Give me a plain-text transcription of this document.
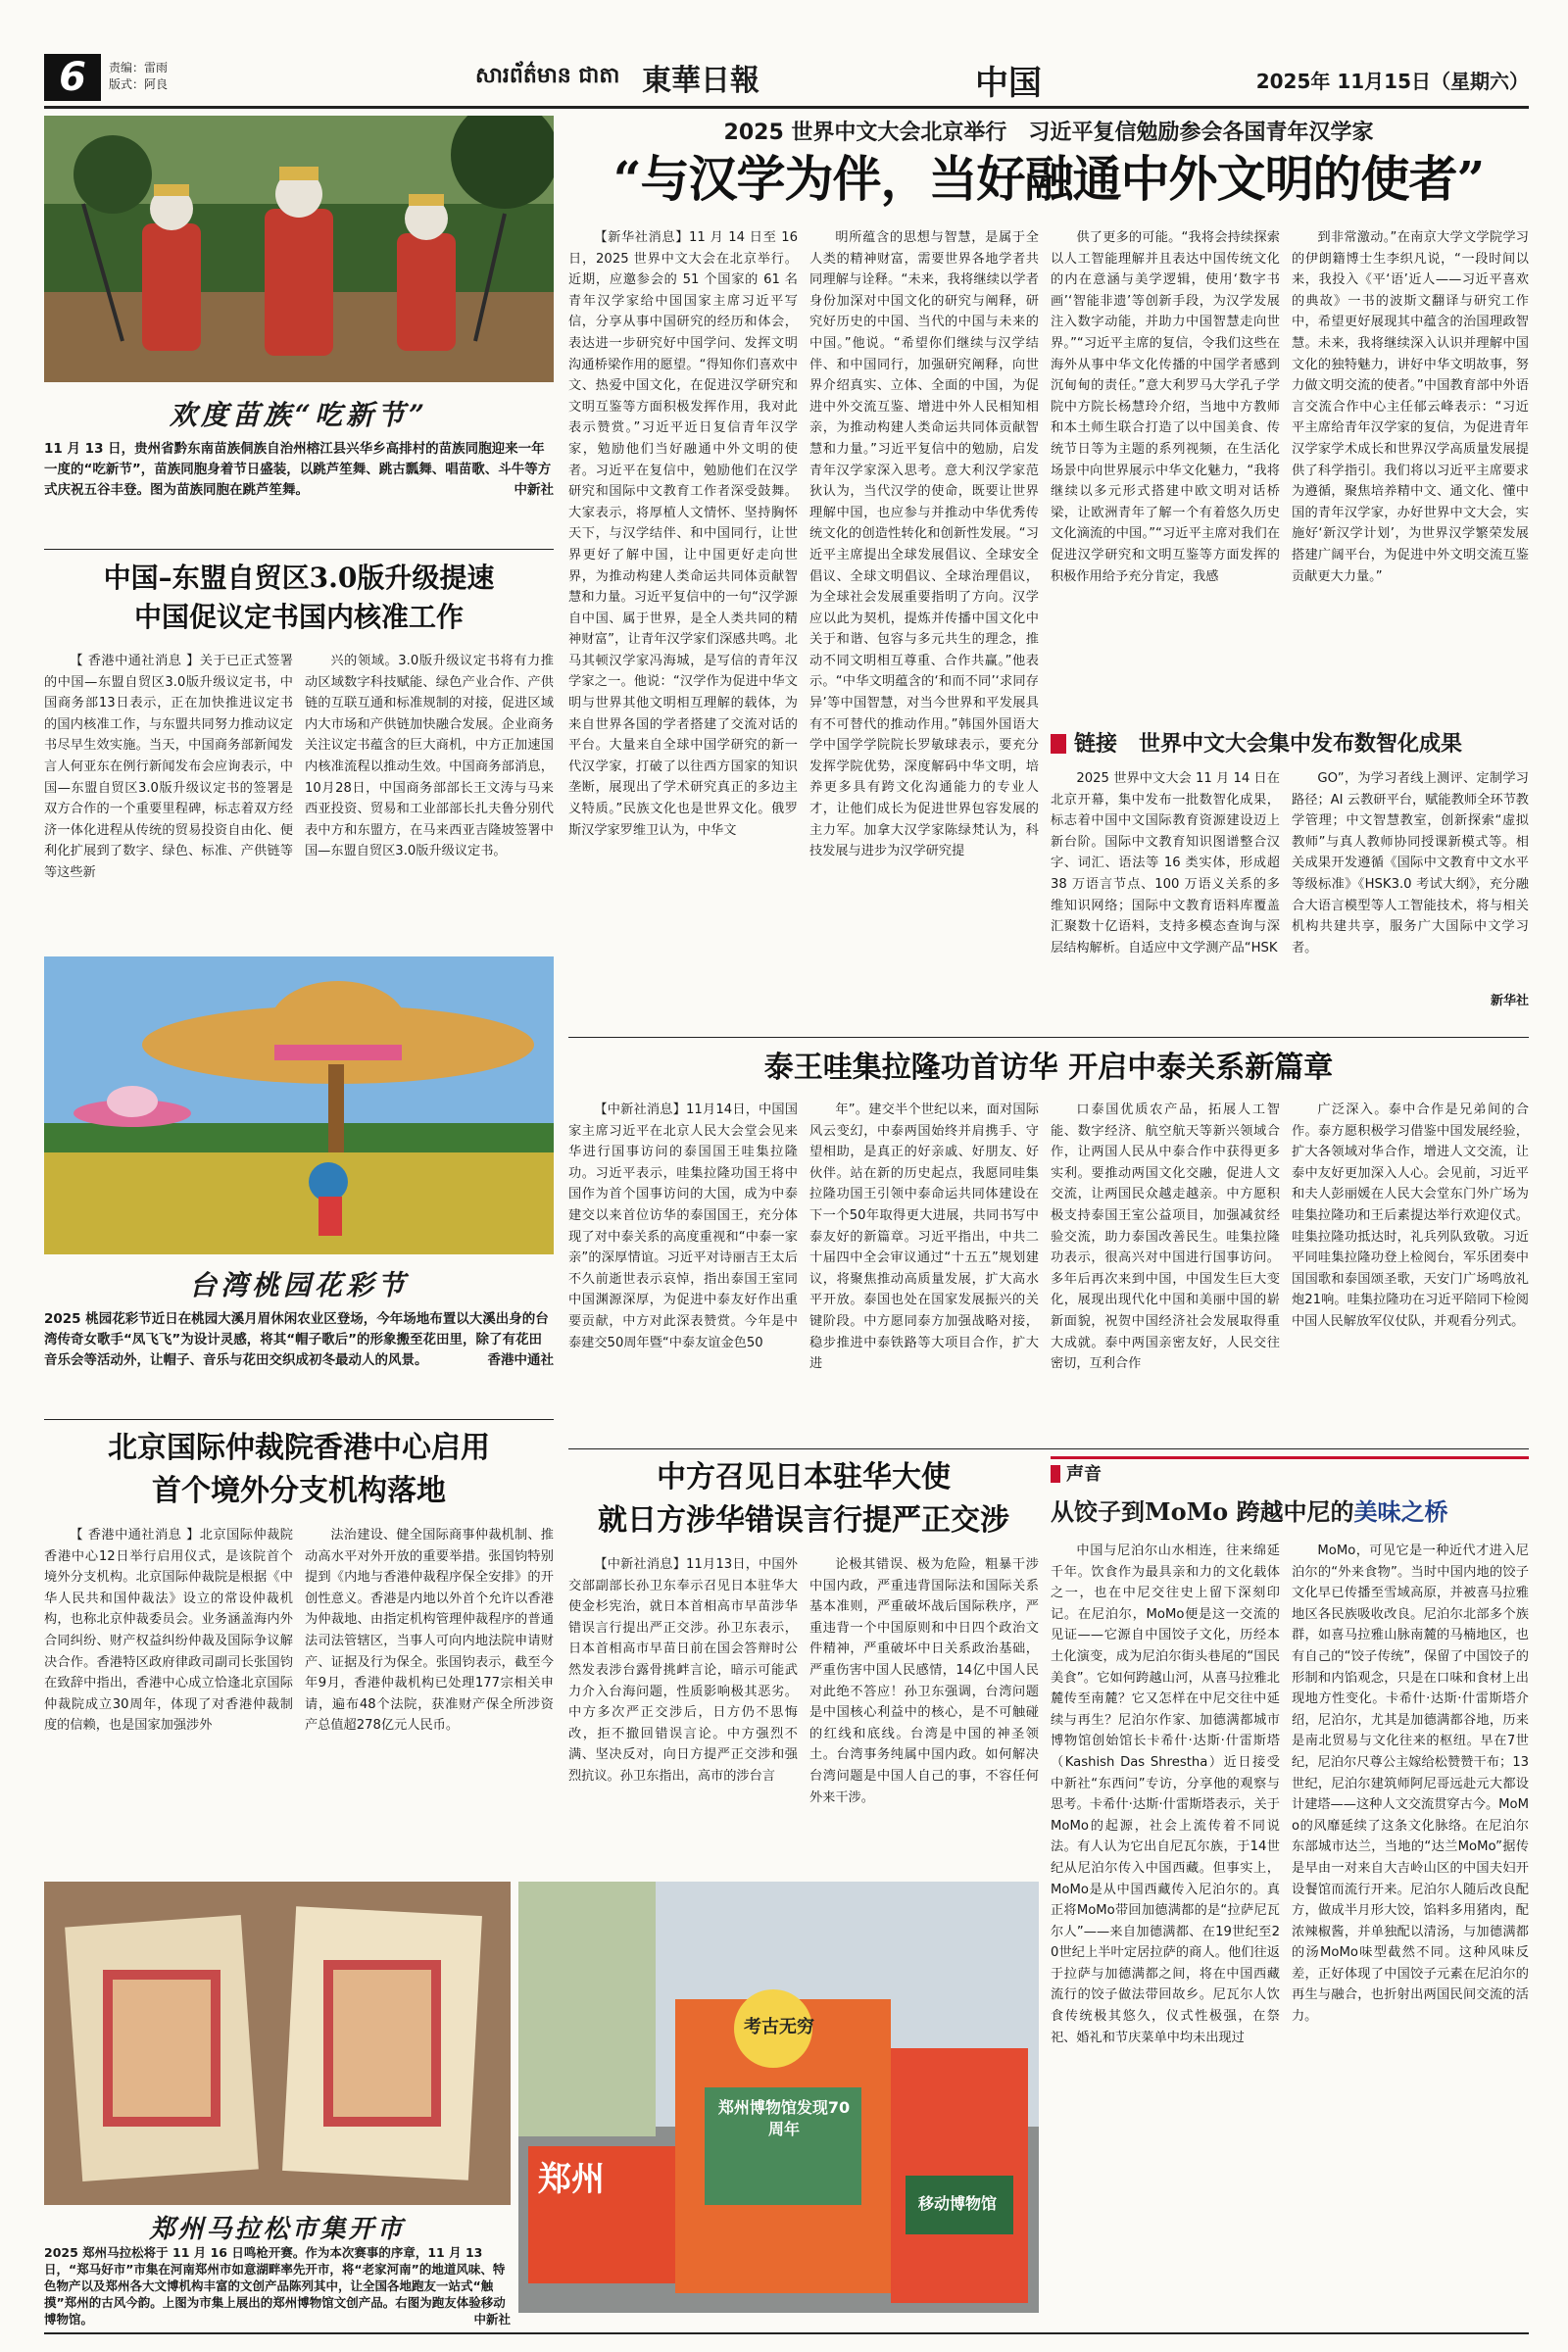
6	责编：雷雨
版式：阿良	សារព័ត៌មាន ជាតា 東華日報	中国	2025年 11月15日（星期六）
欢度苗族“吃新节”
11 月 13 日，贵州省黔东南苗族侗族自治州榕江县兴华乡高排村的苗族同胞迎来一年一度的“吃新节”，苗族同胞身着节日盛装，以跳芦笙舞、跳古瓢舞、唱苗歌、斗牛等方式庆祝五谷丰登。图为苗族同胞在跳芦笙舞。	中新社
中国–东盟自贸区3.0版升级提速
中国促议定书国内核准工作
【 香港中通社消息 】关于已正式签署的中国—东盟自贸区3.0版升级议定书，中国商务部13日表示，正在加快推进议定书的国内核准工作，与东盟共同努力推动议定书尽早生效实施。当天，中国商务部新闻发言人何亚东在例行新闻发布会应询表示，中国—东盟自贸区3.0版升级议定书的签署是双方合作的一个重要里程碑，标志着双方经济一体化进程从传统的贸易投资自由化、便利化扩展到了数字、绿色、标准、产供链等等这些新
兴的领域。3.0版升级议定书将有力推动区域数字科技赋能、绿色产业合作、产供链的互联互通和标准规制的对接，促进区域内大市场和产供链加快融合发展。企业商务关注议定书蕴含的巨大商机，中方正加速国内核准流程以推动生效。中国商务部消息，10月28日，中国商务部部长王文涛与马来西亚投资、贸易和工业部部长扎夫鲁分别代表中方和东盟方，在马来西亚吉隆坡签署中国—东盟自贸区3.0版升级议定书。
台湾桃园花彩节
2025 桃园花彩节近日在桃园大溪月眉休闲农业区登场，今年场地布置以大溪出身的台湾传奇女歌手“凤飞飞”为设计灵感，将其“帽子歌后”的形象搬至花田里，除了有花田音乐会等活动外，让帽子、音乐与花田交织成初冬最动人的风景。	香港中通社
北京国际仲裁院香港中心启用
首个境外分支机构落地
【 香港中通社消息 】北京国际仲裁院香港中心12日举行启用仪式，是该院首个境外分支机构。北京国际仲裁院是根据《中华人民共和国仲裁法》设立的常设仲裁机构，也称北京仲裁委员会。业务涵盖海内外合同纠纷、财产权益纠纷仲裁及国际争议解决合作。香港特区政府律政司副司长张国钧在致辞中指出，香港中心成立恰逢北京国际仲裁院成立30周年，体现了对香港仲裁制度的信赖，也是国家加强涉外
法治建设、健全国际商事仲裁机制、推动高水平对外开放的重要举措。张国钧特别提到《内地与香港仲裁程序保全安排》的开创性意义。香港是内地以外首个允许以香港为仲裁地、由指定机构管理仲裁程序的普通法司法管辖区，当事人可向内地法院申请财产、证据及行为保全。张国钧表示，截至今年9月，香港仲裁机构已处理177宗相关申请，遍布48个法院，获准财产保全所涉资产总值超278亿元人民币。
2025 世界中文大会北京举行　习近平复信勉励参会各国青年汉学家
“与汉学为伴，当好融通中外文明的使者”
【新华社消息】11 月 14 日至 16 日，2025 世界中文大会在北京举行。近期，应邀参会的 51 个国家的 61 名青年汉学家给中国国家主席习近平写信，分享从事中国研究的经历和体会，表达进一步研究好中国学问、发挥文明沟通桥梁作用的愿望。“得知你们喜欢中文、热爱中国文化，在促进汉学研究和文明互鉴等方面积极发挥作用，我对此表示赞赏。”习近平近日复信青年汉学家，勉励他们当好融通中外文明的使者。习近平在复信中，勉励他们在汉学研究和国际中文教育工作者深受鼓舞。大家表示，将厚植人文情怀、坚持胸怀天下，与汉学结伴、和中国同行，让世界更好了解中国，让中国更好走向世界，为推动构建人类命运共同体贡献智慧和力量。习近平复信中的一句“汉学源自中国、属于世界，是全人类共同的精神财富”，让青年汉学家们深感共鸣。北马其顿汉学家冯海城，是写信的青年汉学家之一。他说：“汉学作为促进中华文明与世界其他文明相互理解的载体，为来自世界各国的学者搭建了交流对话的平台。大量来自全球中国学研究的新一代汉学家，打破了以往西方国家的知识垄断，展现出了学术研究真正的多边主义特质。”民族文化也是世界文化。俄罗斯汉学家罗维卫认为，中华文
明所蕴含的思想与智慧，是属于全人类的精神财富，需要世界各地学者共同理解与诠释。“未来，我将继续以学者身份加深对中国文化的研究与阐释，研究好历史的中国、当代的中国与未来的中国。”他说。“希望你们继续与汉学结伴、和中国同行，加强研究阐释，向世界介绍真实、立体、全面的中国，为促进中外交流互鉴、增进中外人民相知相亲，为推动构建人类命运共同体贡献智慧和力量。”习近平复信中的勉励，启发青年汉学家深入思考。意大利汉学家范狄认为，当代汉学的使命，既要让世界理解中国，也应参与并推动中华优秀传统文化的创造性转化和创新性发展。“习近平主席提出全球发展倡议、全球安全倡议、全球文明倡议、全球治理倡议，为全球社会发展重要指明了方向。汉学应以此为契机，提炼并传播中国文化中关于和谐、包容与多元共生的理念，推动不同文明相互尊重、合作共赢。”他表示。“中华文明蕴含的‘和而不同’‘求同存异’等中国智慧，对当今世界和平发展具有不可替代的推动作用。”韩国外国语大学中国学学院院长罗敏球表示，要充分发挥学院优势，深度解码中华文明，培养更多具有跨文化沟通能力的专业人才，让他们成长为促进世界包容发展的主力军。加拿大汉学家陈绿梵认为，科技发展与进步为汉学研究提
供了更多的可能。“我将会持续探索以人工智能理解并且表达中国传统文化的内在意涵与美学逻辑，使用‘数字书画’‘智能非遗’等创新手段，为汉学发展注入数字动能，并助力中国智慧走向世界。”“习近平主席的复信，令我们这些在海外从事中华文化传播的中国学者感到沉甸甸的责任。”意大利罗马大学孔子学院中方院长杨慧玲介绍，当地中方教师和本土师生联合打造了以中国美食、传统节日等为主题的系列视频，在生活化场景中向世界展示中华文化魅力，“我将继续以多元形式搭建中欧文明对话桥梁，让欧洲青年了解一个有着悠久历史文化滴流的中国。”“习近平主席对我们在促进汉学研究和文明互鉴等方面发挥的积极作用给予充分肯定，我感
到非常激动。”在南京大学文学院学习的伊朗籍博士生李织凡说，“一段时间以来，我投入《平‘语’近人——习近平喜欢的典故》一书的波斯文翻译与研究工作中，希望更好展现其中蕴含的治国理政智慧。未来，我将继续深入认识并理解中国文化的独特魅力，讲好中华文明故事，努力做文明交流的使者。”中国教育部中外语言交流合作中心主任郁云峰表示：“习近平主席给青年汉学家的复信，为促进青年汉学家学术成长和世界汉学高质量发展提供了科学指引。我们将以习近平主席要求为遵循，聚焦培养精中文、通文化、懂中国的青年汉学家，办好世界中文大会，实施好‘新汉学计划’，为世界汉学繁荣发展搭建广阔平台，为促进中外文明交流互鉴贡献更大力量。”
链接　世界中文大会集中发布数智化成果
2025 世界中文大会 11 月 14 日在北京开幕，集中发布一批数智化成果，标志着中国中文国际教育资源建设迈上新台阶。国际中文教育知识图谱整合汉字、词汇、语法等 16 类实体，形成超 38 万语言节点、100 万语义关系的多维知识网络；国际中文教育语料库覆盖汇聚数十亿语料，支持多模态查询与深层结构解析。自适应中文学测产品“HSK
GO”，为学习者线上测评、定制学习路径；AI 云教研平台，赋能教师全环节教学管理；中文智慧教室，创新探索“虚拟教师”与真人教师协同授课新模式等。相关成果开发遵循《国际中文教育中文水平等级标准》《HSK3.0 考试大纲》，充分融合大语言模型等人工智能技术，将与相关机构共建共享，服务广大国际中文学习者。
新华社
泰王哇集拉隆功首访华 开启中泰关系新篇章
【中新社消息】11月14日，中国国家主席习近平在北京人民大会堂会见来华进行国事访问的泰国国王哇集拉隆功。习近平表示，哇集拉隆功国王将中国作为首个国事访问的大国，成为中泰建交以来首位访华的泰国国王，充分体现了对中泰关系的高度重视和“中泰一家亲”的深厚情谊。习近平对诗丽吉王太后不久前逝世表示哀悼，指出泰国王室同中国渊源深厚，为促进中泰友好作出重要贡献，中方对此深表赞赏。今年是中泰建交50周年暨“中泰友谊金色50
年”。建交半个世纪以来，面对国际风云变幻，中泰两国始终并肩携手、守望相助，是真正的好亲戚、好朋友、好伙伴。站在新的历史起点，我愿同哇集拉隆功国王引领中泰命运共同体建设在下一个50年取得更大进展，共同书写中泰友好的新篇章。习近平指出，中共二十届四中全会审议通过“十五五”规划建议，将聚焦推动高质量发展，扩大高水平开放。泰国也处在国家发展振兴的关键阶段。中方愿同泰方加强战略对接，稳步推进中泰铁路等大项目合作，扩大进
口泰国优质农产品，拓展人工智能、数字经济、航空航天等新兴领域合作，让两国人民从中泰合作中获得更多实利。要推动两国文化交融，促进人文交流，让两国民众越走越亲。中方愿积极支持泰国王室公益项目，加强减贫经验交流，助力泰国改善民生。哇集拉隆功表示，很高兴对中国进行国事访问。多年后再次来到中国，中国发生巨大变化，展现出现代化中国和美丽中国的崭新面貌，祝贺中国经济社会发展取得重大成就。泰中两国亲密友好，人民交往密切，互利合作
广泛深入。泰中合作是兄弟间的合作。泰方愿积极学习借鉴中国发展经验，扩大各领域对华合作，增进人文交流，让泰中友好更加深入人心。会见前，习近平和夫人彭丽媛在人民大会堂东门外广场为哇集拉隆功和王后素提达举行欢迎仪式。哇集拉隆功抵达时，礼兵列队致敬。习近平同哇集拉隆功登上检阅台，军乐团奏中国国歌和泰国颂圣歌，天安门广场鸣放礼炮21响。哇集拉隆功在习近平陪同下检阅中国人民解放军仪仗队，并观看分列式。
中方召见日本驻华大使
就日方涉华错误言行提严正交涉
【中新社消息】11月13日，中国外交部副部长孙卫东奉示召见日本驻华大使金杉宪治，就日本首相高市早苗涉华错误言行提出严正交涉。孙卫东表示，日本首相高市早苗日前在国会答辩时公然发表涉台露骨挑衅言论，暗示可能武力介入台海问题，性质影响极其恶劣。中方多次严正交涉后，日方仍不思悔改，拒不撤回错误言论。中方强烈不满、坚决反对，向日方提严正交涉和强烈抗议。孙卫东指出，高市的涉台言
论极其错误、极为危险，粗暴干涉中国内政，严重违背国际法和国际关系基本准则，严重破坏战后国际秩序，严重违背一个中国原则和中日四个政治文件精神，严重破坏中日关系政治基础，严重伤害中国人民感情，14亿中国人民对此绝不答应！孙卫东强调，台湾问题是中国核心利益中的核心，是不可触碰的红线和底线。台湾是中国的神圣领土。台湾事务纯属中国内政。如何解决台湾问题是中国人自己的事，不容任何外来干涉。
声音
从饺子到MoMo 跨越中尼的美味之桥
中国与尼泊尔山水相连，往来绵延千年。饮食作为最具亲和力的文化载体之一，也在中尼交往史上留下深刻印记。在尼泊尔，MoMo便是这一交流的见证——它源自中国饺子文化，历经本土化演变，成为尼泊尔街头巷尾的“国民美食”。它如何跨越山河，从喜马拉雅北麓传至南麓？它又怎样在中尼交往中延续与再生？尼泊尔作家、加德满都城市博物馆创始馆长卡希什·达斯·什雷斯塔（Kashish Das Shrestha）近日接受中新社“东西问”专访，分享他的观察与思考。卡希什·达斯·什雷斯塔表示，关于MoMo的起源，社会上流传着不同说法。有人认为它出自尼瓦尔族，于14世纪从尼泊尔传入中国西藏。但事实上，MoMo是从中国西藏传入尼泊尔的。真正将MoMo带回加德满都的是“拉萨尼瓦尔人”——来自加德满都、在19世纪至20世纪上半叶定居拉萨的商人。他们往返于拉萨与加德满都之间，将在中国西藏流行的饺子做法带回故乡。尼瓦尔人饮食传统极其悠久，仪式性极强，在祭祀、婚礼和节庆菜单中均未出现过
MoMo，可见它是一种近代才进入尼泊尔的“外来食物”。当时中国内地的饺子文化早已传播至雪域高原，并被喜马拉雅地区各民族吸收改良。尼泊尔北部多个族群，如喜马拉雅山脉南麓的马楠地区，也有自己的“饺子传统”，保留了中国饺子的形制和内馅观念，只是在口味和食材上出现地方性变化。卡希什·达斯·什雷斯塔介绍，尼泊尔，尤其是加德满都谷地，历来是南北贸易与文化往来的枢纽。早在7世纪，尼泊尔尺尊公主嫁给松赞赞干布；13世纪，尼泊尔建筑师阿尼哥远赴元大都设计建塔——这种人文交流贯穿古今。MoMo的风靡延续了这条文化脉络。在尼泊尔东部城市达兰，当地的“达兰MoMo”据传是早由一对来自大吉岭山区的中国夫妇开设餐馆而流行开来。尼泊尔人随后改良配方，做成半月形大饺，馅料多用猪肉，配浓辣椒酱，并单独配以清汤，与加德满都的汤MoMo味型截然不同。这种风味反差，正好体现了中国饺子元素在尼泊尔的再生与融合，也折射出两国民间交流的活力。
郑州
考古无穷
郑州博物馆发现70周年
移动博物馆
郑州马拉松市集开市
2025 郑州马拉松将于 11 月 16 日鸣枪开赛。作为本次赛事的序章，11 月 13 日，“郑马好市”市集在河南郑州市如意湖畔率先开市，将“老家河南”的地道风味、特色物产以及郑州各大文博机构丰富的文创产品陈列其中，让全国各地跑友一站式“触摸”郑州的古风今韵。上图为市集上展出的郑州博物馆文创产品。右图为跑友体验移动博物馆。	中新社
